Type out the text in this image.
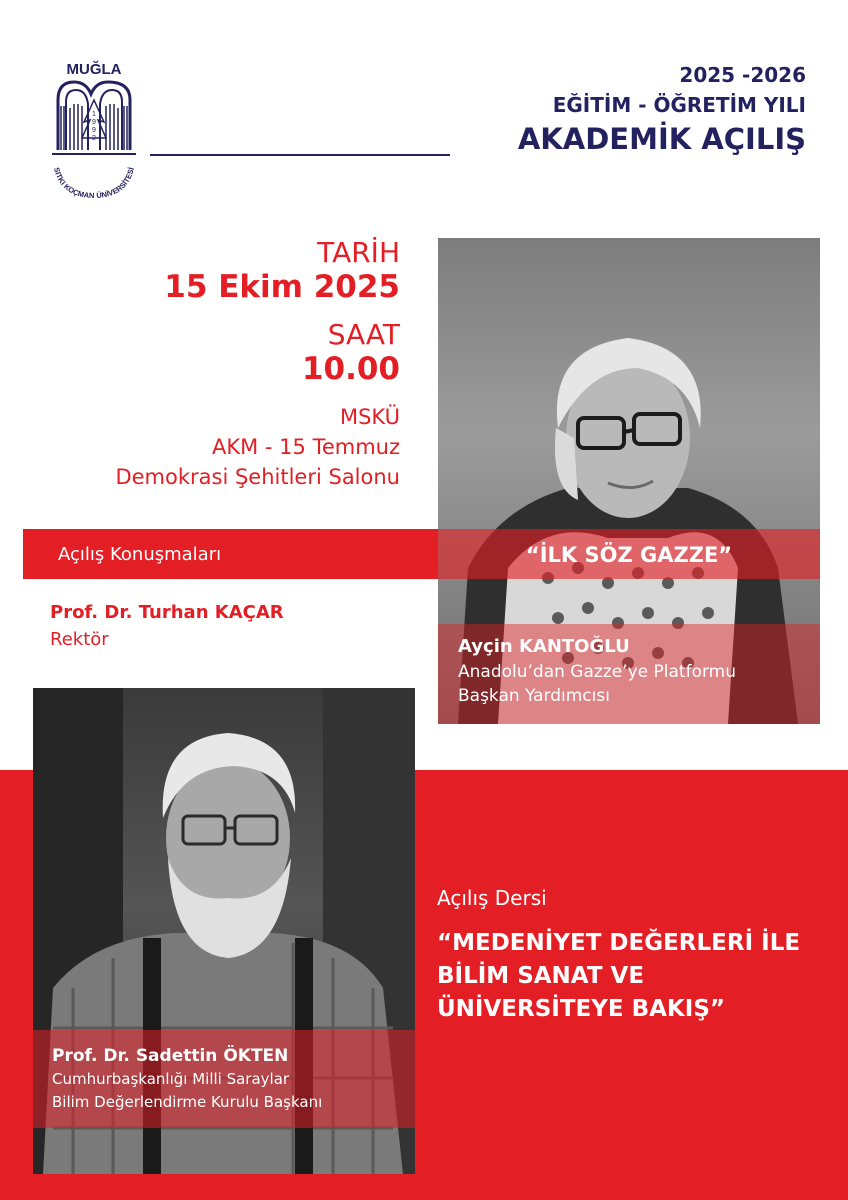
MUĞLA
1
9
9
2
SITKI KOÇMAN ÜNİVERSİTESİ
2025 -2026
EĞİTİM - ÖĞRETİM YILI
AKADEMİK AÇILIŞ
TARİH
15 Ekim 2025
SAAT
10.00
MSKÜ
AKM - 15 Temmuz
Demokrasi Şehitleri Salonu
Açılış Konuşmaları
Prof. Dr. Turhan KAÇAR
Rektör
“İLK SÖZ GAZZE”
Ayçin KANTOĞLU
Anadolu’dan Gazze’ye Platformu
Başkan Yardımcısı
Prof. Dr. Sadettin ÖKTEN
Cumhurbaşkanlığı Milli Saraylar
Bilim Değerlendirme Kurulu Başkanı
Açılış Dersi
“MEDENİYET DEĞERLERİ İLE
BİLİM SANAT VE
ÜNİVERSİTEYE BAKIŞ”
